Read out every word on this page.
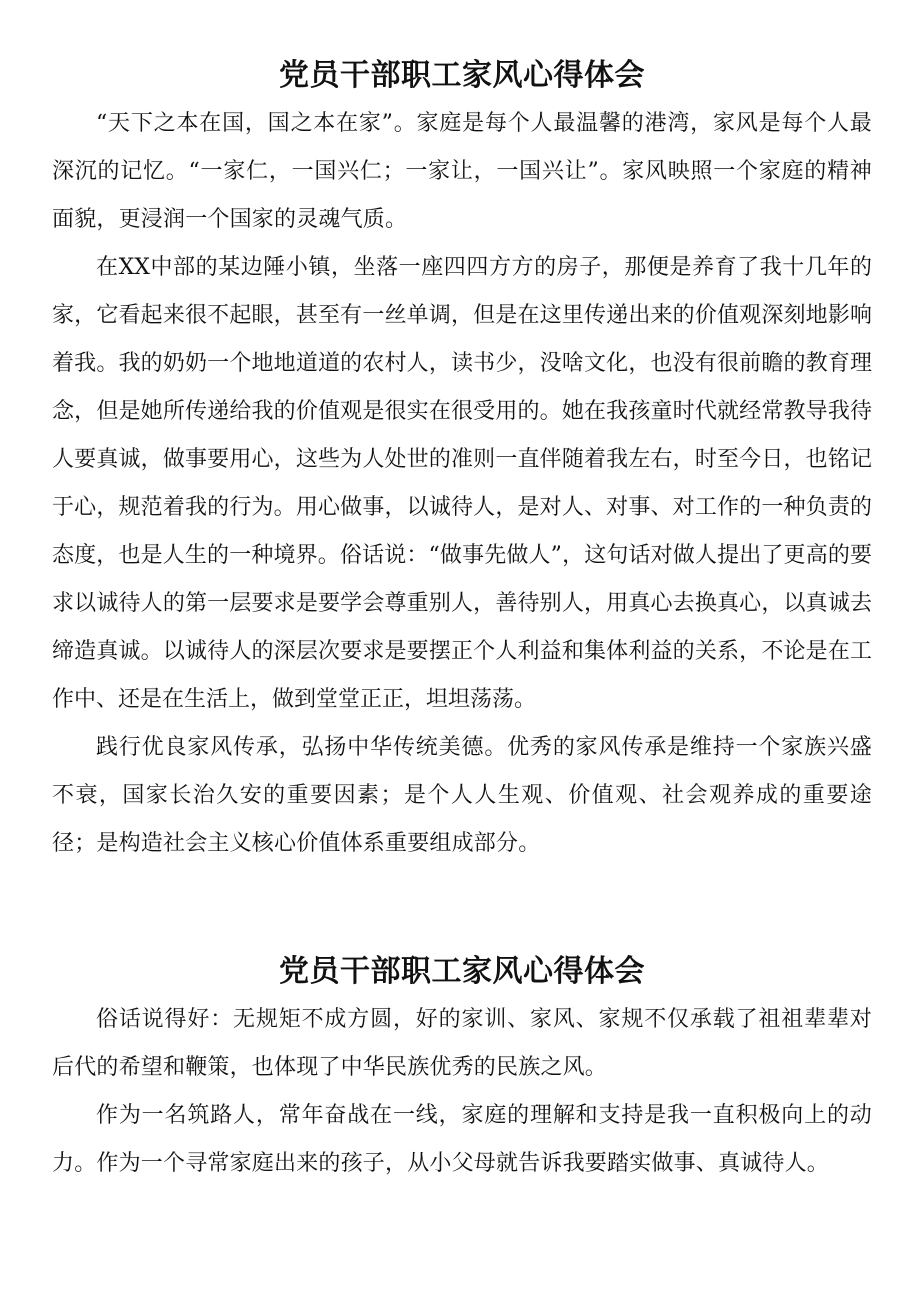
党员干部职工家风心得体会

“天下之本在国，国之本在家”。家庭是每个人最温馨的港湾，家风是每个人最深沉的记忆。“一家仁，一国兴仁；一家让，一国兴让”。家风映照一个家庭的精神面貌，更浸润一个国家的灵魂气质。

在XX中部的某边陲小镇，坐落一座四四方方的房子，那便是养育了我十几年的家，它看起来很不起眼，甚至有一丝单调，但是在这里传递出来的价值观深刻地影响着我。我的奶奶一个地地道道的农村人，读书少，没啥文化，也没有很前瞻的教育理念，但是她所传递给我的价值观是很实在很受用的。她在我孩童时代就经常教导我待人要真诚，做事要用心，这些为人处世的准则一直伴随着我左右，时至今日，也铭记于心，规范着我的行为。用心做事，以诚待人，是对人、对事、对工作的一种负责的态度，也是人生的一种境界。俗话说：“做事先做人”，这句话对做人提出了更高的要求以诚待人的第一层要求是要学会尊重别人，善待别人，用真心去换真心，以真诚去缔造真诚。以诚待人的深层次要求是要摆正个人利益和集体利益的关系，不论是在工作中、还是在生活上，做到堂堂正正，坦坦荡荡。

践行优良家风传承，弘扬中华传统美德。优秀的家风传承是维持一个家族兴盛不衰，国家长治久安的重要因素；是个人人生观、价值观、社会观养成的重要途径；是构造社会主义核心价值体系重要组成部分。

党员干部职工家风心得体会

俗话说得好：无规矩不成方圆，好的家训、家风、家规不仅承载了祖祖辈辈对后代的希望和鞭策，也体现了中华民族优秀的民族之风。

作为一名筑路人，常年奋战在一线，家庭的理解和支持是我一直积极向上的动力。作为一个寻常家庭出来的孩子，从小父母就告诉我要踏实做事、真诚待人。
